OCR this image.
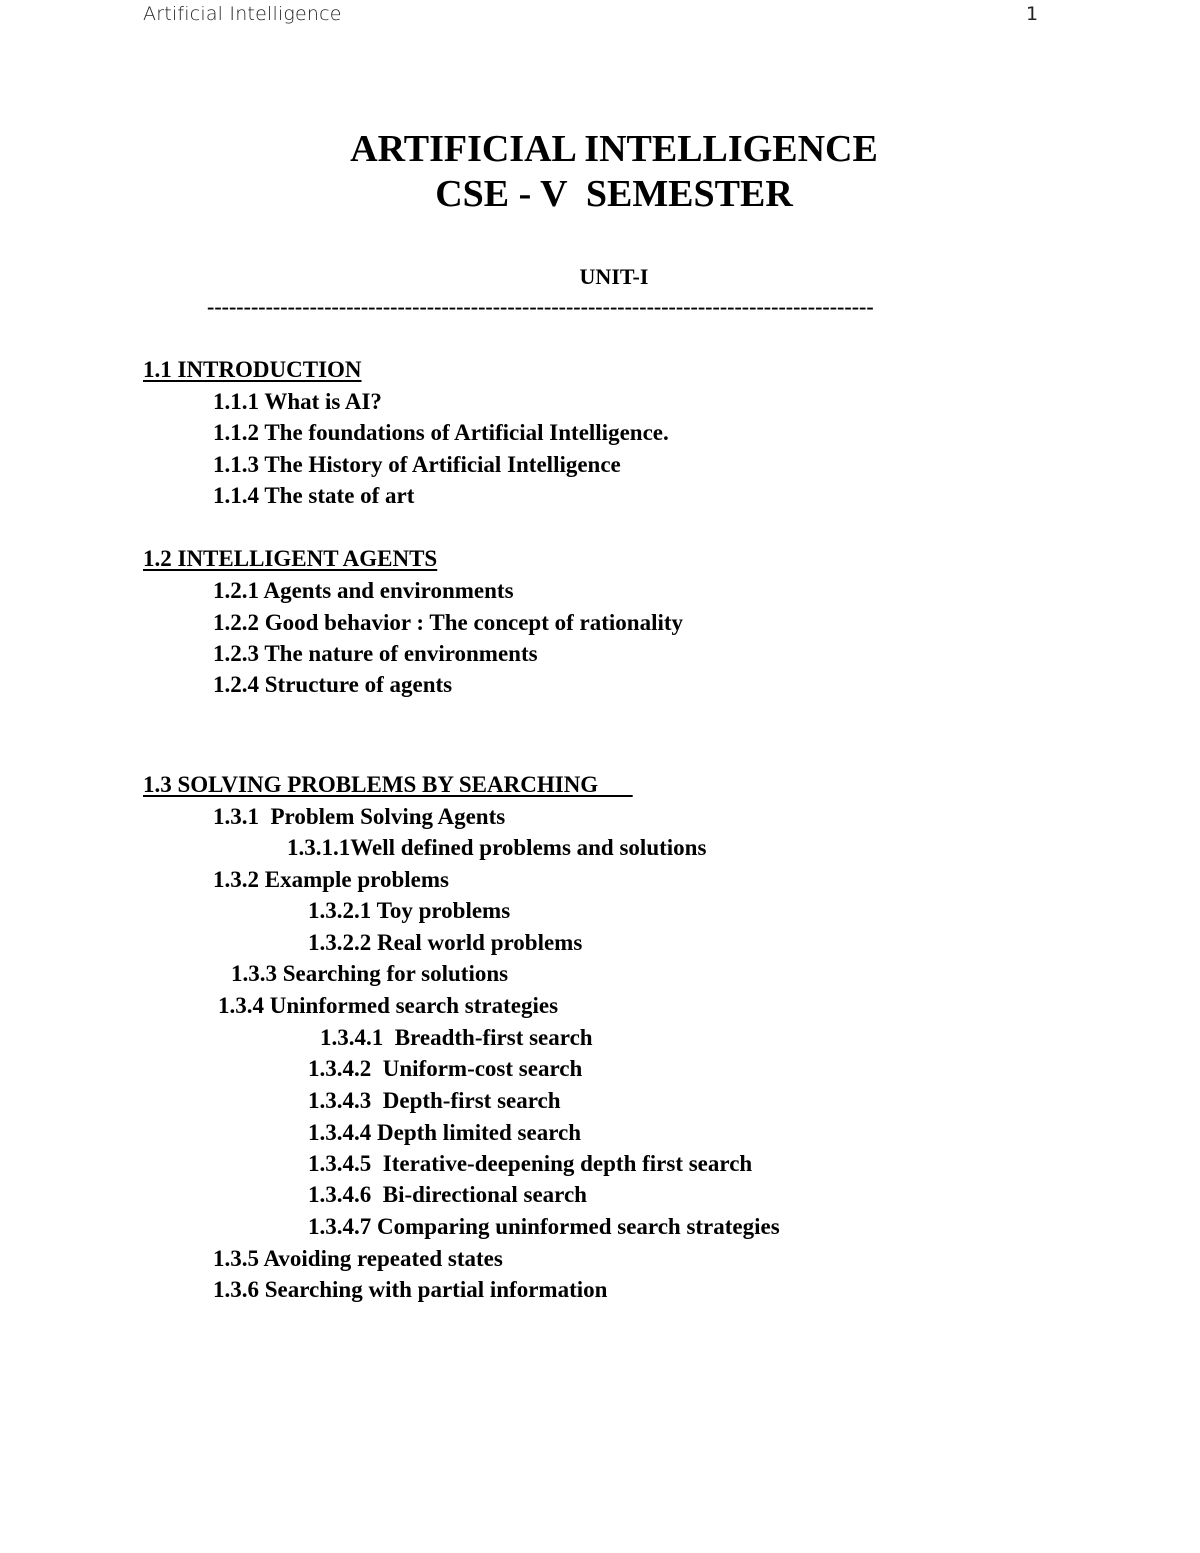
Artificial Intelligence	1
ARTIFICIAL INTELLIGENCE
CSE - V  SEMESTER
UNIT-I
-------------------------------------------------------------------------------------------
1.1 INTRODUCTION
1.1.1 What is AI?
1.1.2 The foundations of Artificial Intelligence.
1.1.3 The History of Artificial Intelligence
1.1.4 The state of art
1.2 INTELLIGENT AGENTS
1.2.1 Agents and environments
1.2.2 Good behavior : The concept of rationality
1.2.3 The nature of environments
1.2.4 Structure of agents
1.3 SOLVING PROBLEMS BY SEARCHING
1.3.1  Problem Solving Agents
1.3.1.1Well defined problems and solutions
1.3.2 Example problems
1.3.2.1 Toy problems
1.3.2.2 Real world problems
1.3.3 Searching for solutions
1.3.4 Uninformed search strategies
1.3.4.1  Breadth-first search
1.3.4.2  Uniform-cost search
1.3.4.3  Depth-first search
1.3.4.4 Depth limited search
1.3.4.5  Iterative-deepening depth first search
1.3.4.6  Bi-directional search
1.3.4.7 Comparing uninformed search strategies
1.3.5 Avoiding repeated states
1.3.6 Searching with partial information
